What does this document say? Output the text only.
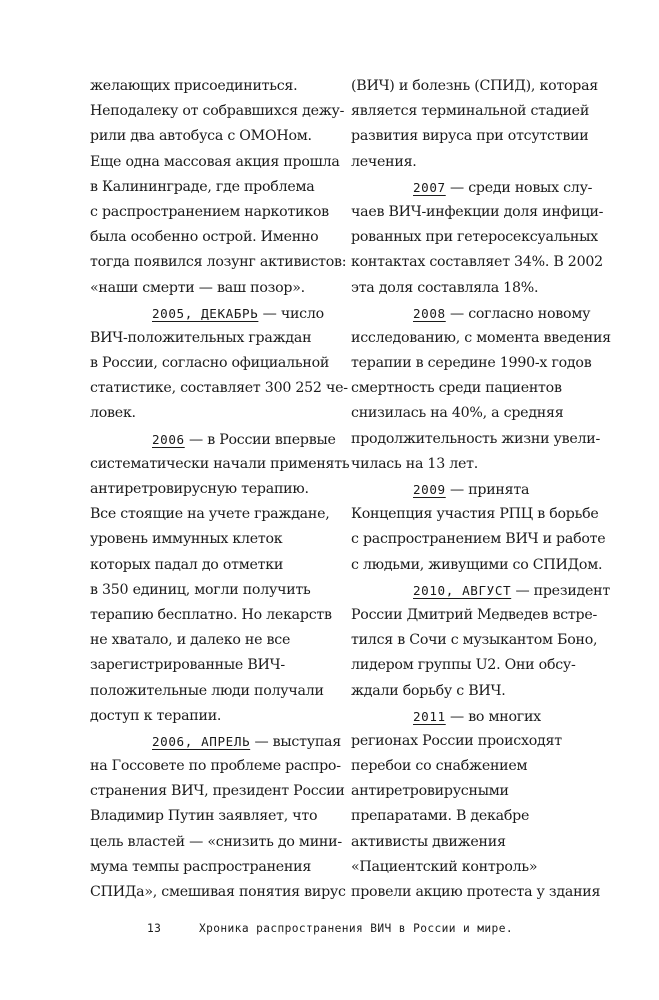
желающих присоединиться.
Неподалеку от собравшихся дежу-
рили два автобуса с ОМОНом.
Еще одна массовая акция прошла
в Калининграде, где проблема
с распространением наркотиков
была особенно острой. Именно
тогда появился лозунг активистов:
«наши смерти — ваш позор».
2005, ДЕКАБРЬ — число
ВИЧ-положительных граждан
в России, согласно официальной
статистике, составляет 300 252 че-
ловек.
2006 — в России впервые
систематически начали применять
антиретровирусную терапию.
Все стоящие на учете граждане,
уровень иммунных клеток
которых падал до отметки
в 350 единиц, могли получить
терапию бесплатно. Но лекарств
не хватало, и далеко не все
зарегистрированные ВИЧ-
положительные люди получали
доступ к терапии.
2006, АПРЕЛЬ — выступая
на Госсовете по проблеме распро-
странения ВИЧ, президент России
Владимир Путин заявляет, что
цель властей — «снизить до мини-
мума темпы распространения
СПИДа», смешивая понятия вирус
(ВИЧ) и болезнь (СПИД), которая
является терминальной стадией
развития вируса при отсутствии
лечения.
2007 — среди новых слу-
чаев ВИЧ-инфекции доля инфици-
рованных при гетеросексуальных
контактах составляет 34%. В 2002
эта доля составляла 18%.
2008 — согласно новому
исследованию, с момента введения
терапии в середине 1990-х годов
смертность среди пациентов
снизилась на 40%, а средняя
продолжительность жизни увели-
чилась на 13 лет.
2009 — принята
Концепция участия РПЦ в борьбе
с распространением ВИЧ и работе
с людьми, живущими со СПИДом.
2010, АВГУСТ — президент
России Дмитрий Медведев встре-
тился в Сочи с музыкантом Боно,
лидером группы U2. Они обсу-
ждали борьбу с ВИЧ.
2011 — во многих
регионах России происходят
перебои со снабжением
антиретровирусными
препаратами. В декабре
активисты движения
«Пациентский контроль»
провели акцию протеста у здания
13	Хроника распространения ВИЧ в России и мире.
